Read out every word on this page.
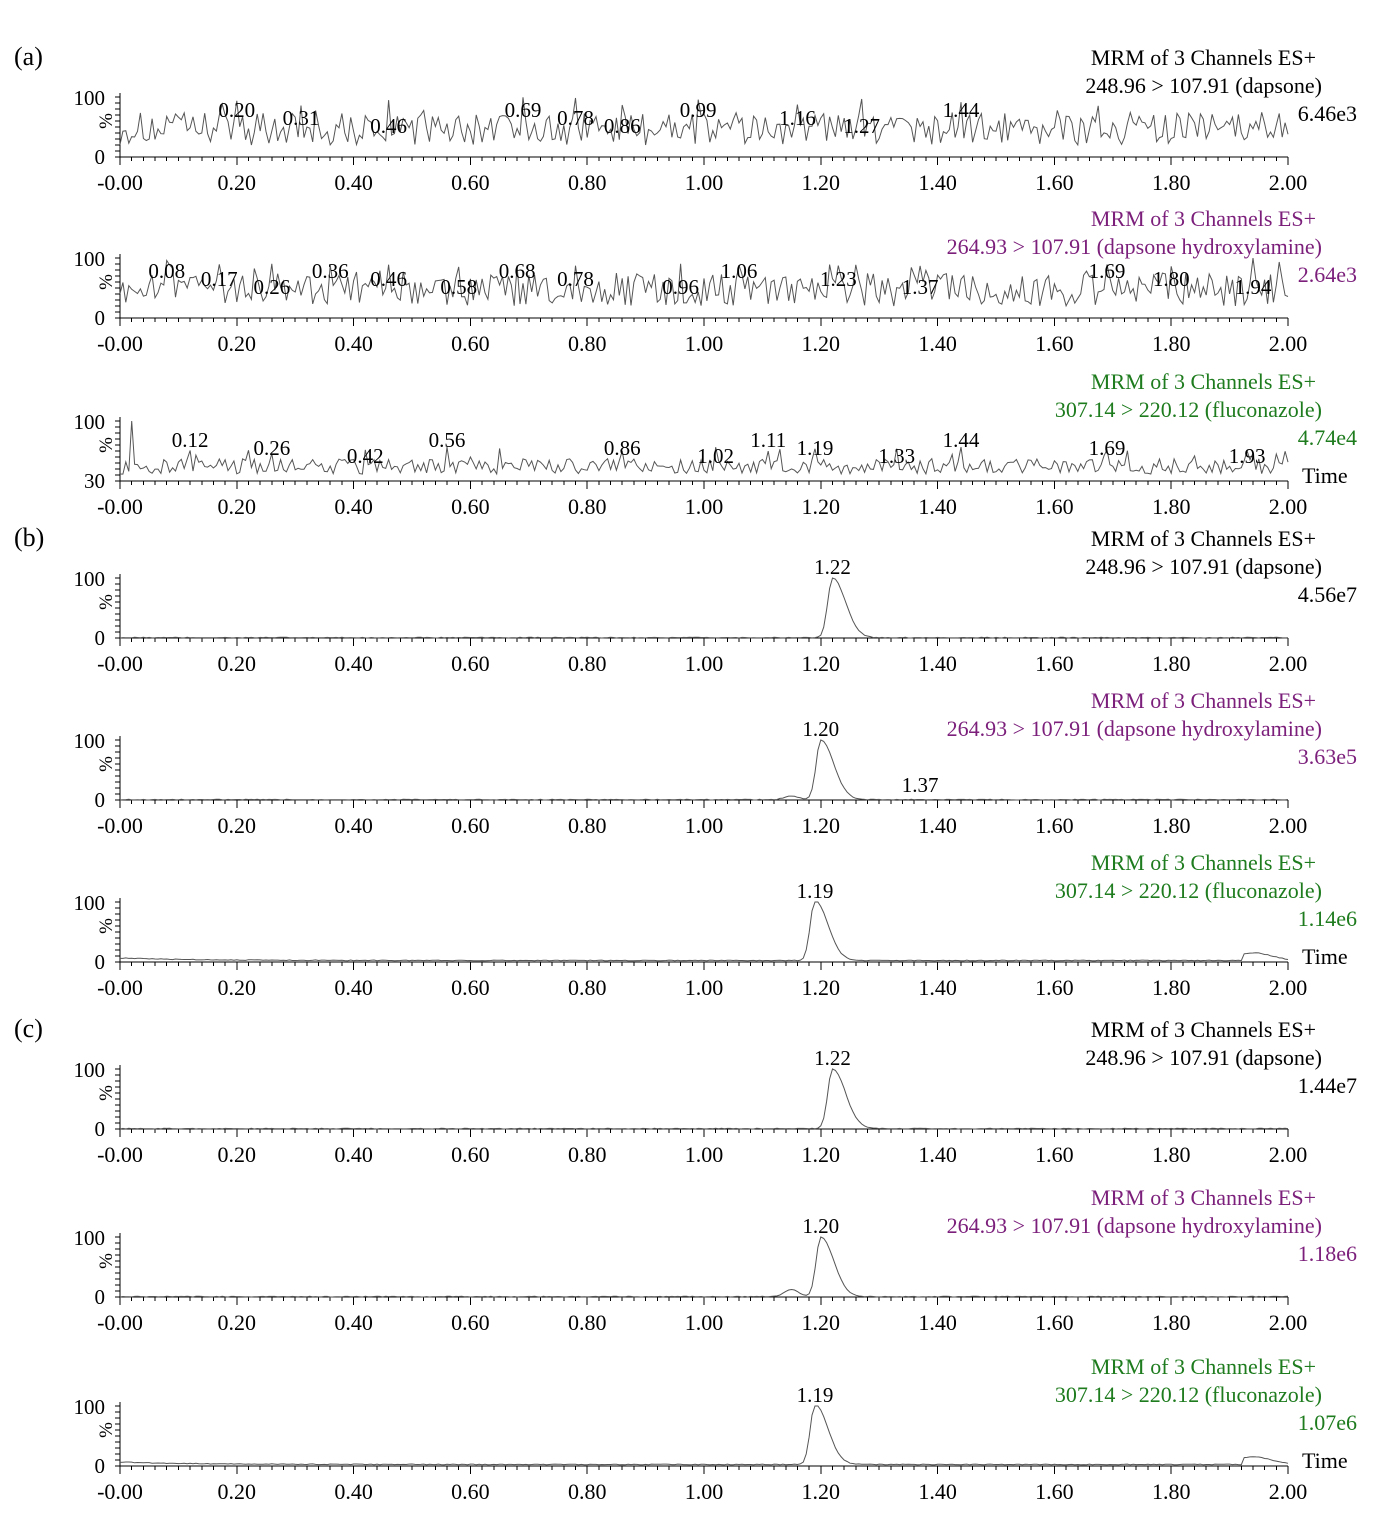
(a)	MRM of 3 Channels ES+
248.96 > 107.91 (dapsone)
6.46e3
100
0
%
-0.00	0.20	0.40	0.60	0.80	1.00	1.20	1.40	1.60	1.80	2.00
0.20 0.31 0.46
0.69 0.78 0.86
0.99	1.16 1.27
1.44
MRM of 3 Channels ES+
264.93 > 107.91 (dapsone hydroxylamine)
2.64e3
100
0
%
-0.00	0.20	0.40	0.60	0.80	1.00	1.20	1.40	1.60	1.80	2.00
0.08 0.17 0.26
0.36 0.46 0.58
0.68 0.78	0.96
1.06	1.23 1.37
1.69 1.80 1.94
MRM of 3 Channels ES+
307.14 > 220.12 (fluconazole)
4.74e4
Time
100
30
%
-0.00	0.20	0.40	0.60	0.80	1.00	1.20	1.40	1.60	1.80	2.00
0.12 0.26	0.42
0.56	0.86	1.02
1.11 1.19 1.33
1.44	1.69	1.93
(b)	MRM of 3 Channels ES+
248.96 > 107.91 (dapsone)
4.56e7
100
0
%
-0.00	0.20	0.40	0.60	0.80	1.00	1.20	1.40	1.60	1.80	2.00
1.22
MRM of 3 Channels ES+
264.93 > 107.91 (dapsone hydroxylamine)
3.63e5
100
0
%
-0.00	0.20	0.40	0.60	0.80	1.00	1.20	1.40	1.60	1.80	2.00
1.20
1.37
MRM of 3 Channels ES+
307.14 > 220.12 (fluconazole)
1.14e6
Time
100
0
%
-0.00	0.20	0.40	0.60	0.80	1.00	1.20	1.40	1.60	1.80	2.00
1.19
(c)	MRM of 3 Channels ES+
248.96 > 107.91 (dapsone)
1.44e7
100
0
%
-0.00	0.20	0.40	0.60	0.80	1.00	1.20	1.40	1.60	1.80	2.00
1.22
MRM of 3 Channels ES+
264.93 > 107.91 (dapsone hydroxylamine)
1.18e6
100
0
%
-0.00	0.20	0.40	0.60	0.80	1.00	1.20	1.40	1.60	1.80	2.00
1.20
MRM of 3 Channels ES+
307.14 > 220.12 (fluconazole)
1.07e6
Time
100
0
%
-0.00	0.20	0.40	0.60	0.80	1.00	1.20	1.40	1.60	1.80	2.00
1.19
